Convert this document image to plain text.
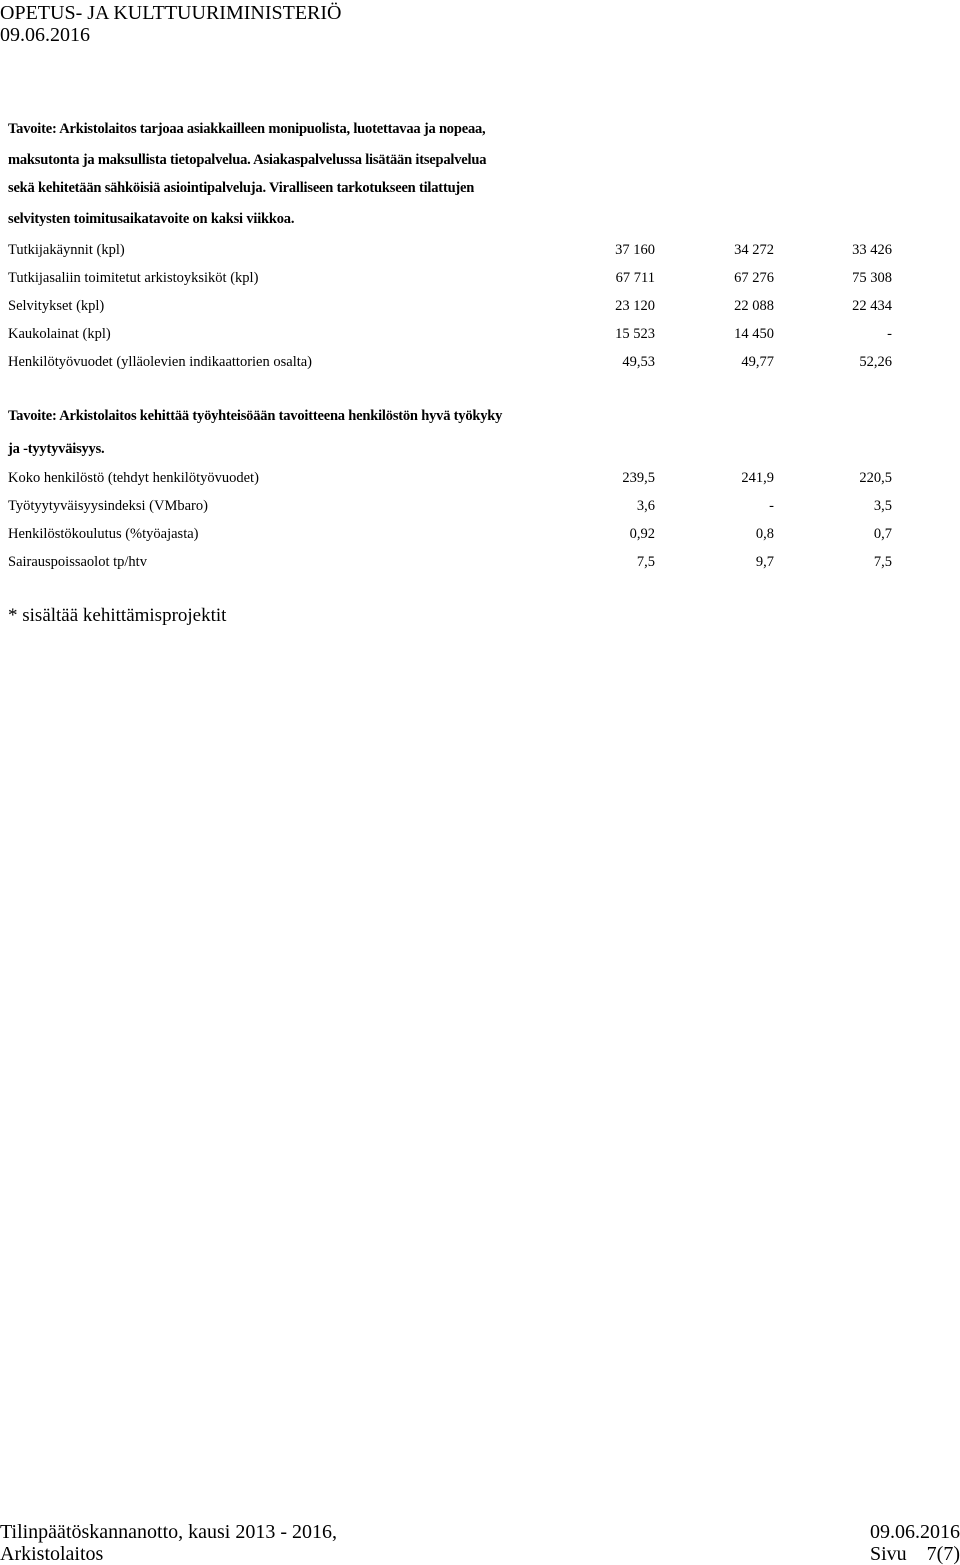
OPETUS- JA KULTTUURIMINISTERIÖ
09.06.2016
Tavoite: Arkistolaitos tarjoaa asiakkailleen monipuolista, luotettavaa ja nopeaa,
maksutonta ja maksullista tietopalvelua. Asiakaspalvelussa lisätään itsepalvelua
sekä kehitetään sähköisiä asiointipalveluja. Viralliseen tarkotukseen tilattujen
selvitysten toimitusaikatavoite on kaksi viikkoa.
Tutkijakäynnit (kpl)	37 160	34 272	33 426
Tutkijasaliin toimitetut arkistoyksiköt (kpl)	67 711	67 276	75 308
Selvitykset (kpl)	23 120	22 088	22 434
Kaukolainat (kpl)	15 523	14 450	-
Henkilötyövuodet (ylläolevien indikaattorien osalta)	49,53	49,77	52,26
Tavoite: Arkistolaitos kehittää työyhteisöään tavoitteena henkilöstön hyvä työkyky
ja -tyytyväisyys.
Koko henkilöstö (tehdyt henkilötyövuodet)	239,5	241,9	220,5
Työtyytyväisyysindeksi (VMbaro)	3,6	-	3,5
Henkilöstökoulutus (%työajasta)	0,92	0,8	0,7
Sairauspoissaolot tp/htv	7,5	9,7	7,5
* sisältää kehittämisprojektit
Tilinpäätöskannanotto, kausi 2013 - 2016,
Arkistolaitos
09.06.2016
Sivu 7(7)
